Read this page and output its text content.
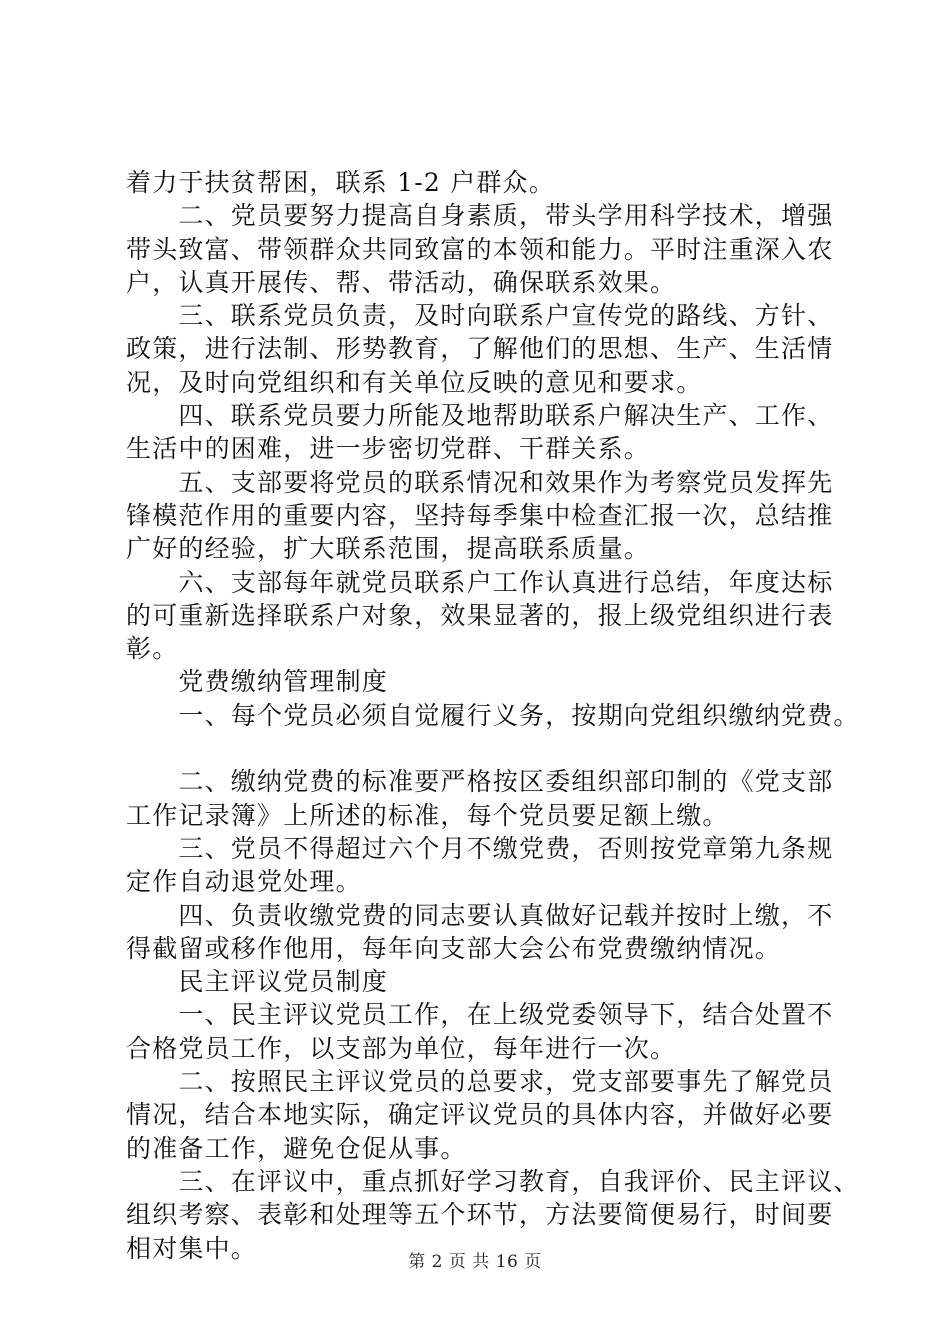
着力于扶贫帮困，联系 1-2 户群众。

　　二、党员要努力提高自身素质，带头学用科学技术，增强

带头致富、带领群众共同致富的本领和能力。平时注重深入农

户，认真开展传、帮、带活动，确保联系效果。

　　三、联系党员负责，及时向联系户宣传党的路线、方针、

政策，进行法制、形势教育，了解他们的思想、生产、生活情

况，及时向党组织和有关单位反映的意见和要求。

　　四、联系党员要力所能及地帮助联系户解决生产、工作、

生活中的困难，进一步密切党群、干群关系。

　　五、支部要将党员的联系情况和效果作为考察党员发挥先

锋模范作用的重要内容，坚持每季集中检查汇报一次，总结推

广好的经验，扩大联系范围，提高联系质量。

　　六、支部每年就党员联系户工作认真进行总结，年度达标

的可重新选择联系户对象，效果显著的，报上级党组织进行表

彰。

　　党费缴纳管理制度

　　一、每个党员必须自觉履行义务，按期向党组织缴纳党费。

　　二、缴纳党费的标准要严格按区委组织部印制的《党支部

工作记录簿》上所述的标准，每个党员要足额上缴。

　　三、党员不得超过六个月不缴党费，否则按党章第九条规

定作自动退党处理。

　　四、负责收缴党费的同志要认真做好记载并按时上缴，不

得截留或移作他用，每年向支部大会公布党费缴纳情况。

　　民主评议党员制度

　　一、民主评议党员工作，在上级党委领导下，结合处置不

合格党员工作，以支部为单位，每年进行一次。

　　二、按照民主评议党员的总要求，党支部要事先了解党员

情况，结合本地实际，确定评议党员的具体内容，并做好必要

的准备工作，避免仓促从事。

　　三、在评议中，重点抓好学习教育，自我评价、民主评议、

组织考察、表彰和处理等五个环节，方法要简便易行，时间要

相对集中。	第 2 页 共 16 页
